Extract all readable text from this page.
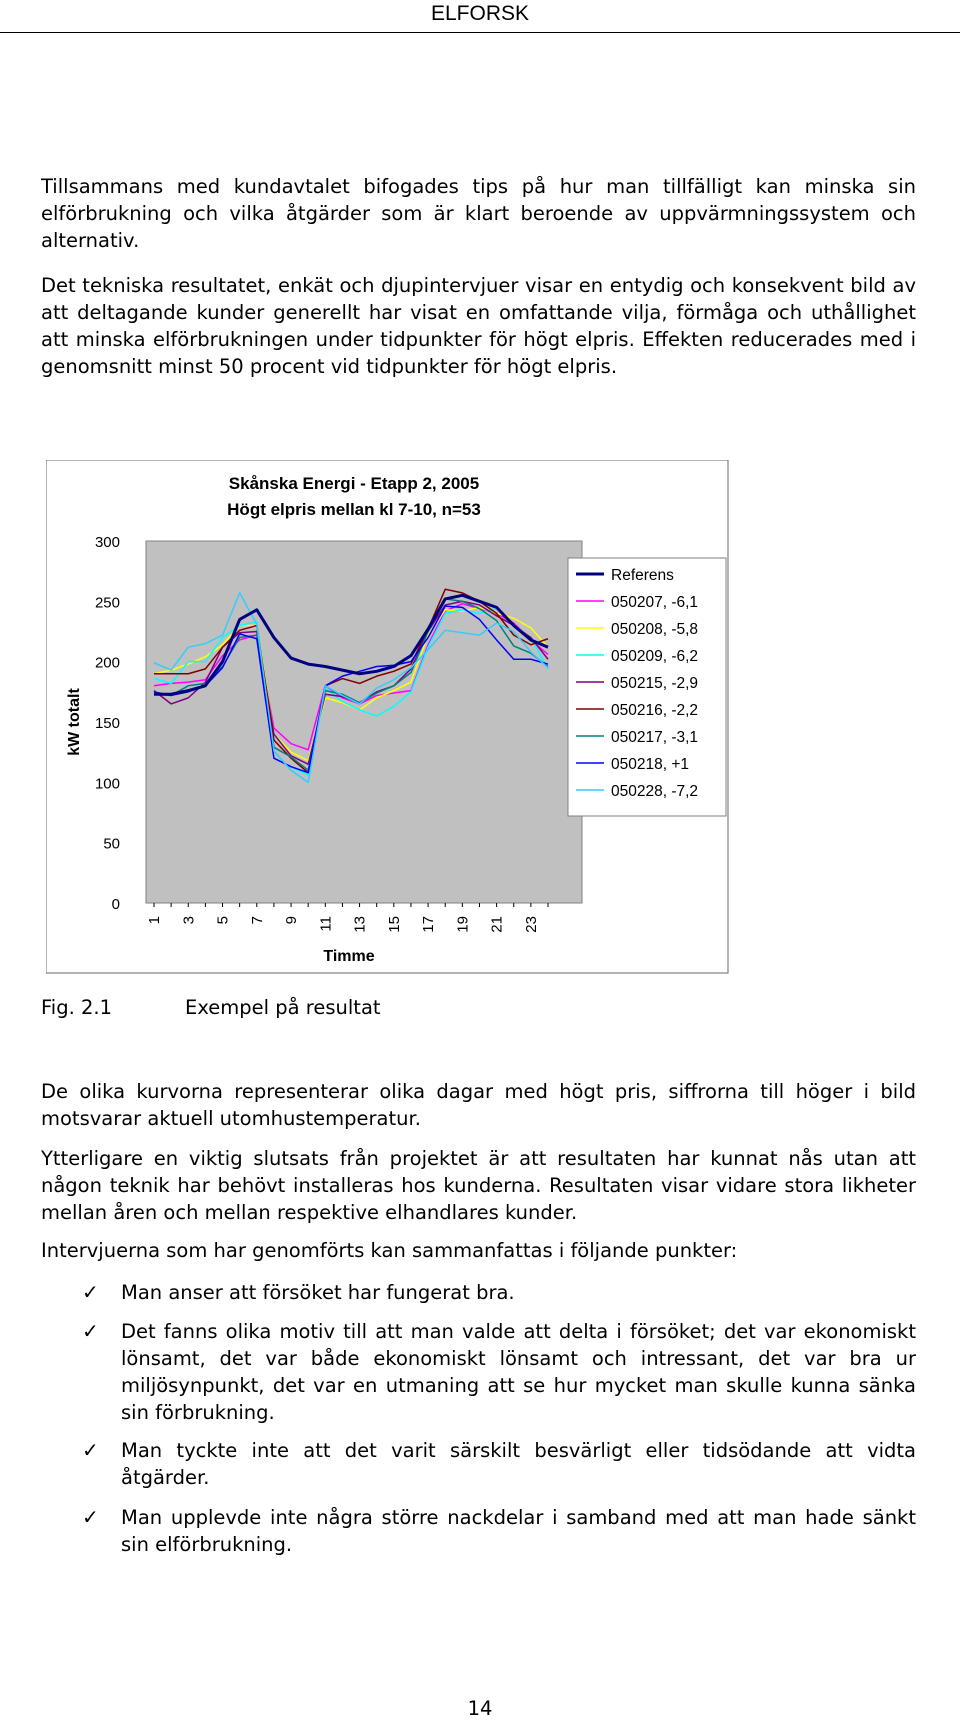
ELFORSK

Tillsammans med kundavtalet bifogades tips på hur man tillfälligt kan minska sin elförbrukning och vilka åtgärder som är klart beroende av uppvärmningssystem och alternativ.

Det tekniska resultatet, enkät och djupintervjuer visar en entydig och konsekvent bild av att deltagande kunder generellt har visat en omfattande vilja, förmåga och uthållighet att minska elförbrukningen under tidpunkter för högt elpris. Effekten reducerades med i genomsnitt minst 50 procent vid tidpunkter för högt elpris.

Skånska Energi - Etapp 2, 2005
Högt elpris mellan kl 7-10, n=53
0
50
100
150
200
250
300
1 3 5 7 9 11 13 15 17 19 21 23
kW totalt
Timme
Referens
050207, -6,1
050208, -5,8
050209, -6,2
050215, -2,9
050216, -2,2
050217, -3,1
050218, +1
050228, -7,2
Fig. 2.1	Exempel på resultat

De olika kurvorna representerar olika dagar med högt pris, siffrorna till höger i bild motsvarar aktuell utomhustemperatur.

Ytterligare en viktig slutsats från projektet är att resultaten har kunnat nås utan att någon teknik har behövt installeras hos kunderna. Resultaten visar vidare stora likheter mellan åren och mellan respektive elhandlares kunder.

Intervjuerna som har genomförts kan sammanfattas i följande punkter:

✓ Man anser att försöket har fungerat bra.

✓ Det fanns olika motiv till att man valde att delta i försöket; det var ekonomiskt lönsamt, det var både ekonomiskt lönsamt och intressant, det var bra ur miljösynpunkt, det var en utmaning att se hur mycket man skulle kunna sänka sin förbrukning.

✓ Man tyckte inte att det varit särskilt besvärligt eller tidsödande att vidta åtgärder.

✓ Man upplevde inte några större nackdelar i samband med att man hade sänkt sin elförbrukning.

14
